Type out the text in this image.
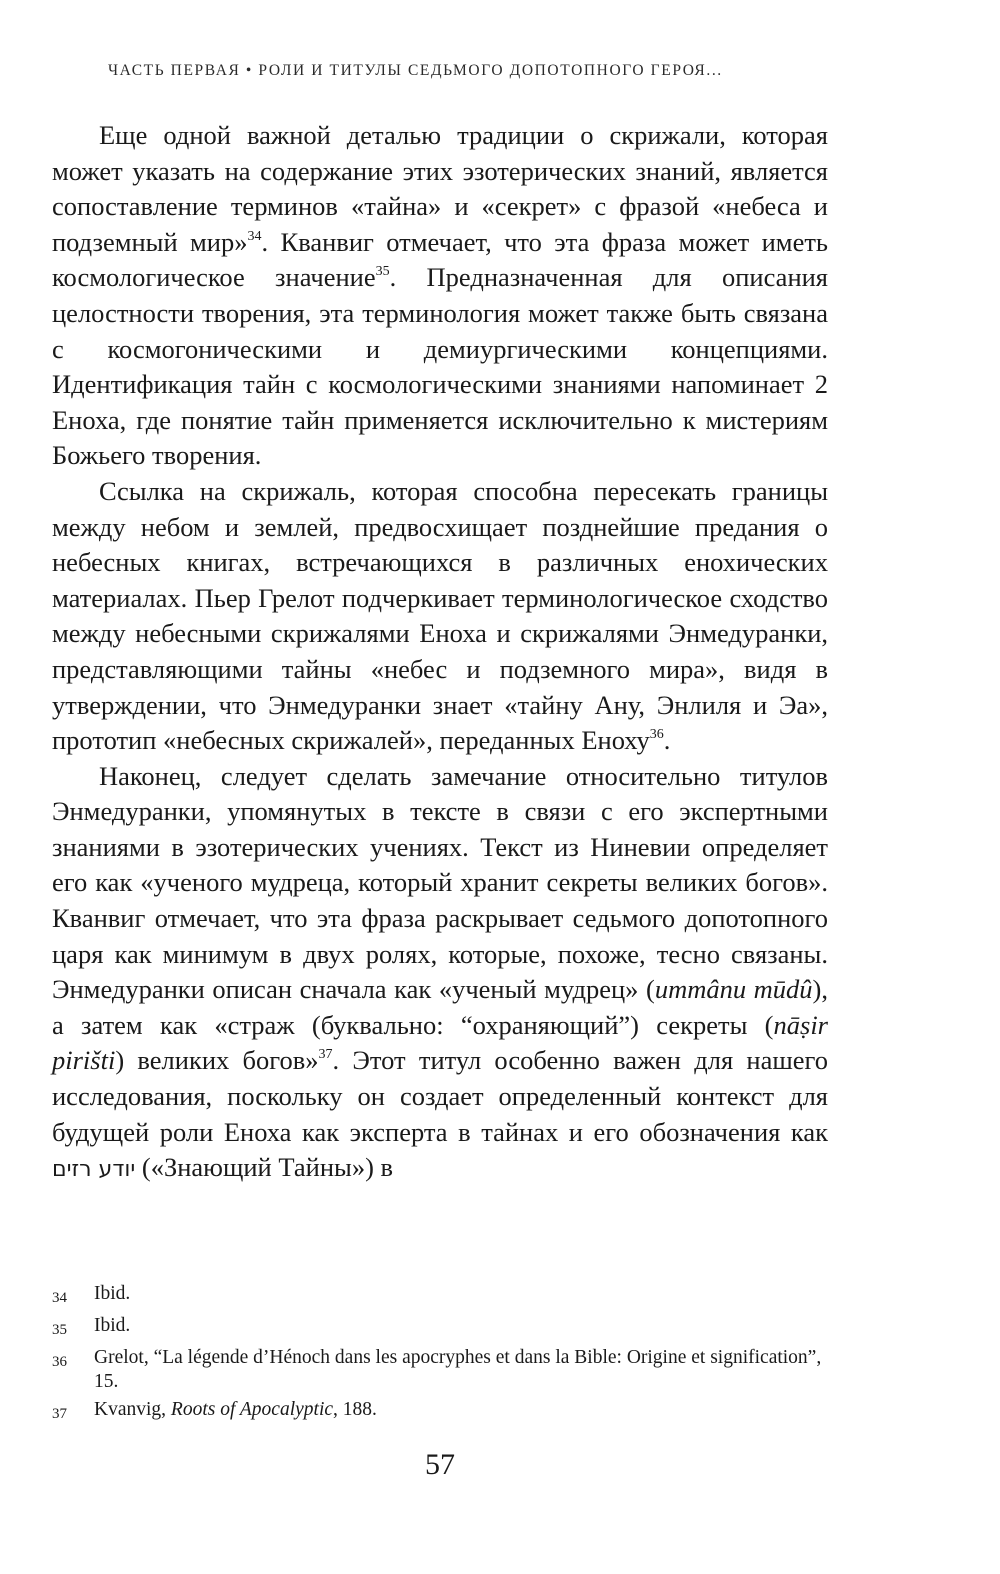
ЧАСТЬ ПЕРВАЯ • РОЛИ И ТИТУЛЫ СЕДЬМОГО ДОПОТОПНОГО ГЕРОЯ...

Еще одной важной деталью традиции о скрижали, которая может указать на содержание этих эзотерических знаний, является сопоставление терминов «тайна» и «секрет» с фразой «небеса и подземный мир»$^{34}$. Кванвиг отмечает, что эта фраза может иметь космологическое значение$^{35}$. Предназначенная для описания целостности творения, эта терминология может также быть связана с космогоническими и демиургическими концепциями. Идентификация тайн с космологическими знаниями напоминает 2 Еноха, где понятие тайн применяется исключительно к мистериям Божьего творения.

Ссылка на скрижаль, которая способна пересекать границы между небом и землей, предвосхищает позднейшие предания о небесных книгах, встречающихся в различных енохических материалах. Пьер Грелот подчеркивает терминологическое сходство между небесными скрижалями Еноха и скрижалями Энмедуранки, представляющими тайны «небес и подземного мира», видя в утверждении, что Энмедуранки знает «тайну Ану, Энлиля и Эа», прототип «небесных скрижалей», переданных Еноху$^{36}$.

Наконец, следует сделать замечание относительно титулов Энмедуранки, упомянутых в тексте в связи с его экспертными знаниями в эзотерических учениях. Текст из Ниневии определяет его как «ученого мудреца, который хранит секреты великих богов». Кванвиг отмечает, что эта фраза раскрывает седьмого допотопного царя как минимум в двух ролях, которые, похоже, тесно связаны. Энмедуранки описан сначала как «ученый мудрец» (ummânu mūdû), а затем как «страж (буквально: “охраняющий”) секреты (nāṣir pirišti) великих богов»$^{37}$. Этот титул особенно важен для нашего исследования, поскольку он создает определенный контекст для будущей роли Еноха как эксперта в тайнах и его обозначения как יודע רזים («Знающий Тайны») в

34	Ibid.
35	Ibid.
36	Grelot, “La légende d’Hénoch dans les apocryphes et dans la Bible: Origine et signification”, 15.
37	Kvanvig, Roots of Apocalyptic, 188.
57
